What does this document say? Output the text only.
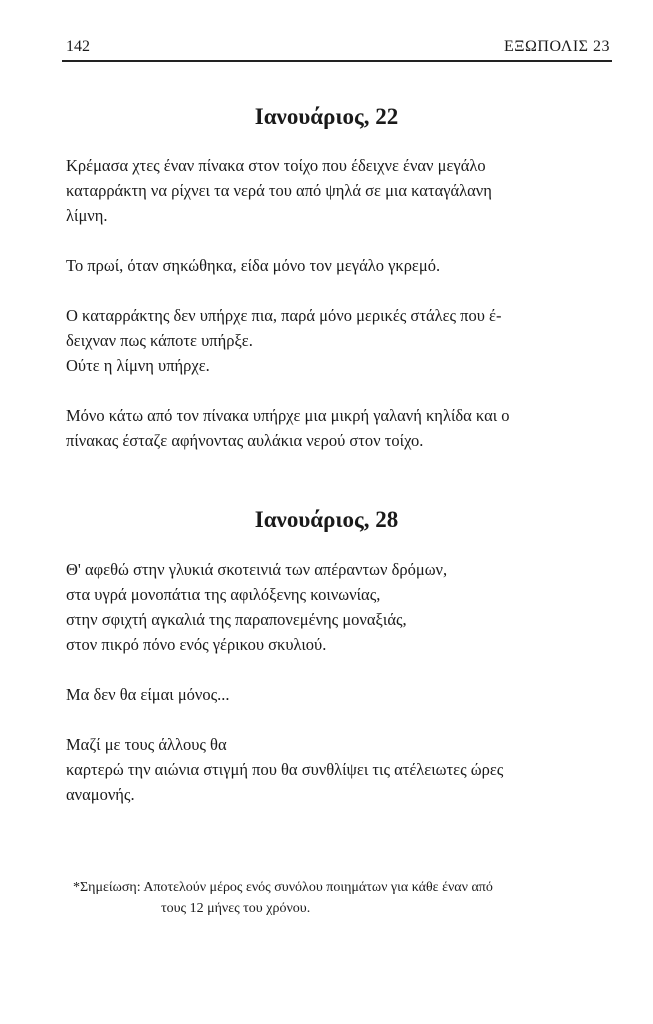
142	ΕΞΩΠΟΛΙΣ 23
Ιανουάριος, 22

Κρέμασα χτες έναν πίνακα στον τοίχο που έδειχνε έναν μεγάλο

καταρράκτη να ρίχνει τα νερά του από ψηλά σε μια καταγάλανη

λίμνη.

Το πρωί, όταν σηκώθηκα, είδα μόνο τον μεγάλο γκρεμό.

Ο καταρράκτης δεν υπήρχε πια, παρά μόνο μερικές στάλες που έ-

δειχναν πως κάποτε υπήρξε.

Ούτε η λίμνη υπήρχε.

Μόνο κάτω από τον πίνακα υπήρχε μια μικρή γαλανή κηλίδα και ο

πίνακας έσταζε αφήνοντας αυλάκια νερού στον τοίχο.

Ιανουάριος, 28

Θ' αφεθώ στην γλυκιά σκοτεινιά των απέραντων δρόμων,

στα υγρά μονοπάτια της αφιλόξενης κοινωνίας,

στην σφιχτή αγκαλιά της παραπονεμένης μοναξιάς,

στον πικρό πόνο ενός γέρικου σκυλιού.

Μα δεν θα είμαι μόνος...

Μαζί με τους άλλους θα

καρτερώ την αιώνια στιγμή που θα συνθλίψει τις ατέλειωτες ώρες

αναμονής.

*Σημείωση: Αποτελούν μέρος ενός συνόλου ποιημάτων για κάθε έναν από
τους 12 μήνες του χρόνου.
